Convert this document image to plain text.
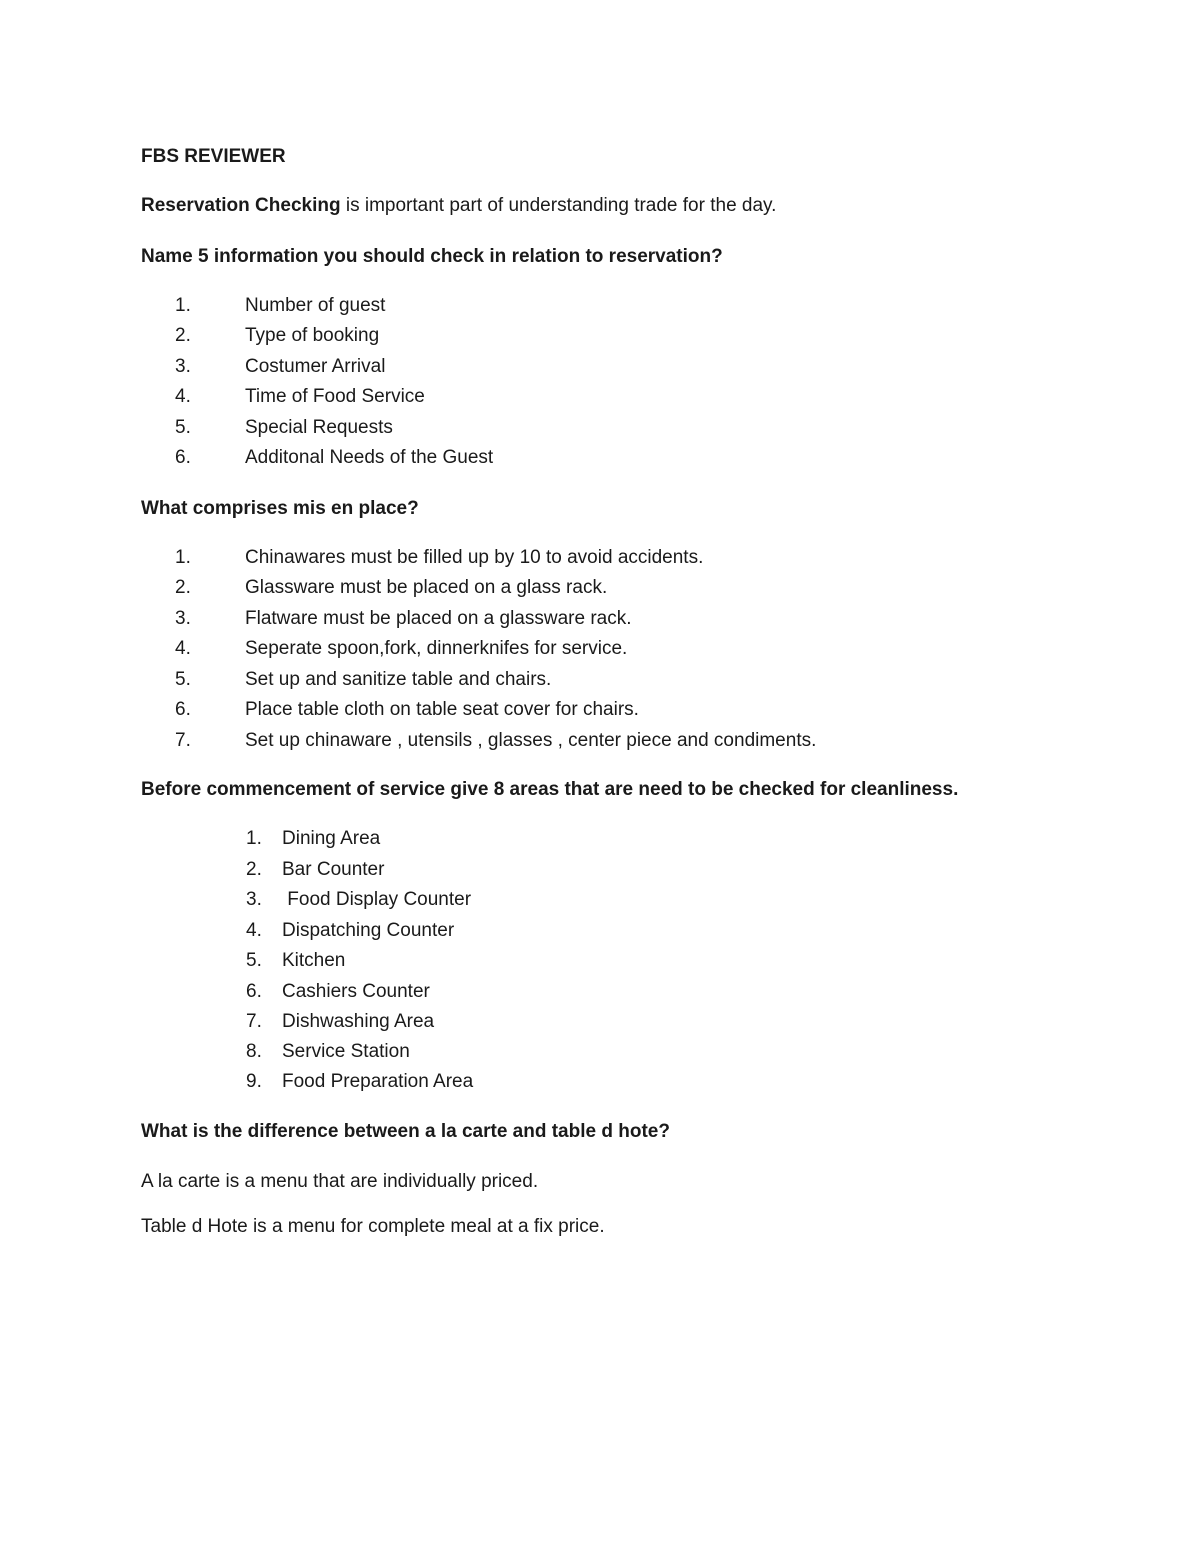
FBS REVIEWER
Reservation Checking is important part of understanding trade for the day.
Name 5 information you should check in relation to reservation?
1.	Number of guest
2.	Type of booking
3.	Costumer Arrival
4.	Time of Food Service
5.	Special Requests
6.	Additonal Needs of the Guest
What comprises mis en place?
1.	Chinawares must be filled up by 10 to avoid accidents.
2.	Glassware must be placed on a glass rack.
3.	Flatware must be placed on a glassware rack.
4.	Seperate spoon,fork, dinnerknifes for service.
5.	Set up and sanitize table and chairs.
6.	Place table cloth on table seat cover for chairs.
7.	Set up chinaware , utensils , glasses , center piece and condiments.
Before commencement of service give 8 areas that are need to be checked for cleanliness.
1.	Dining Area
2.	Bar Counter
3.	Food Display Counter
4.	Dispatching Counter
5.	Kitchen
6.	Cashiers Counter
7.	Dishwashing Area
8.	Service Station
9.	Food Preparation Area
What is the difference between a la carte and table d hote?
A la carte is a menu that are individually priced.
Table d Hote is a menu for complete meal at a fix price.
